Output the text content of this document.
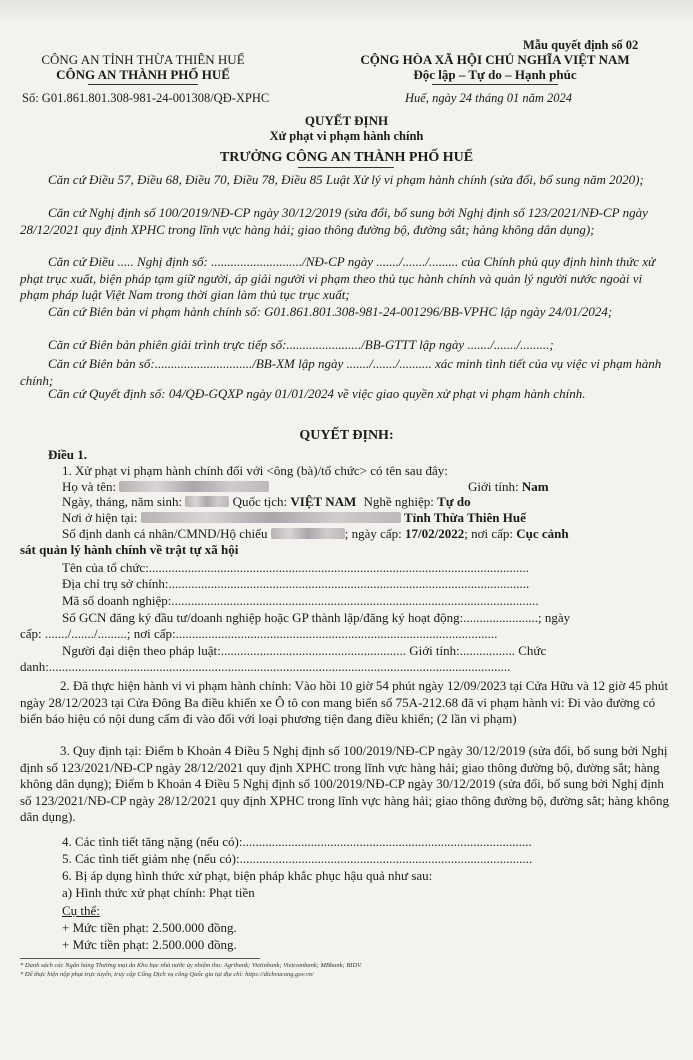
Mẫu quyết định số 02
CÔNG AN TỈNH THỪA THIÊN HUẾ
CÔNG AN THÀNH PHỐ HUẾ
Số: G01.861.801.308-981-24-001308/QĐ-XPHC
CỘNG HÒA XÃ HỘI CHỦ NGHĨA VIỆT NAM
Độc lập – Tự do – Hạnh phúc
Huế, ngày 24 tháng 01 năm 2024
QUYẾT ĐỊNH
Xử phạt vi phạm hành chính
TRƯỞNG CÔNG AN THÀNH PHỐ HUẾ
Căn cứ Điều 57, Điều 68, Điều 70, Điều 78, Điều 85 Luật Xử lý vi phạm hành chính (sửa đổi, bổ sung năm 2020);
Căn cứ Nghị định số 100/2019/NĐ-CP ngày 30/12/2019 (sửa đổi, bổ sung bởi Nghị định số 123/2021/NĐ-CP ngày 28/12/2021 quy định XPHC trong lĩnh vực hàng hải; giao thông đường bộ, đường sắt; hàng không dân dụng);
Căn cứ Điều ..... Nghị định số: ............................/NĐ-CP ngày ......./......./......... của Chính phủ quy định hình thức xử phạt trục xuất, biện pháp tạm giữ người, áp giải người vi phạm theo thủ tục hành chính và quản lý người nước ngoài vi phạm pháp luật Việt Nam trong thời gian làm thủ tục trục xuất;
Căn cứ Biên bản vi phạm hành chính số: G01.861.801.308-981-24-001296/BB-VPHC lập ngày 24/01/2024;
Căn cứ Biên bản phiên giải trình trực tiếp số:......................./BB-GTTT lập ngày ......./......./.........;
Căn cứ Biên bản số:............................../BB-XM lập ngày ......./......./.......... xác minh tình tiết của vụ việc vi phạm hành chính;
Căn cứ Quyết định số: 04/QĐ-GQXP ngày 01/01/2024 về việc giao quyền xử phạt vi phạm hành chính.
QUYẾT ĐỊNH:
Điều 1.
1. Xử phạt vi phạm hành chính đối với <ông (bà)/tổ chức> có tên sau đây:
Họ và tên:	Giới tính: Nam
Ngày, tháng, năm sinh:	Quốc tịch: VIỆT NAM Nghề nghiệp: Tự do
Nơi ở hiện tại:	Tỉnh Thừa Thiên Huế
Số định danh cá nhân/CMND/Hộ chiếu	; ngày cấp: 17/02/2022; nơi cấp: Cục cảnh
sát quản lý hành chính về trật tự xã hội
Tên của tổ chức:.....................................................................................................................
Địa chỉ trụ sở chính:...............................................................................................................
Mã số doanh nghiệp:.................................................................................................................
Số GCN đăng ký đầu tư/doanh nghiệp hoặc GP thành lập/đăng ký hoạt động:.......................; ngày
cấp: ......./......./.........; nơi cấp:...................................................................................................
Người đại diện theo pháp luật:......................................................... Giới tính:................. Chức
danh:..............................................................................................................................................
2. Đã thực hiện hành vi vi phạm hành chính: Vào hồi 10 giờ 54 phút ngày 12/09/2023 tại Cửa Hữu và 12 giờ 45 phút ngày 28/12/2023 tại Cửa Đông Ba điều khiển xe Ô tô con mang biển số 75A-212.68 đã vi phạm hành vi: Đi vào đường có biển báo hiệu có nội dung cấm đi vào đối với loại phương tiện đang điều khiển; (2 lần vi phạm)
3. Quy định tại: Điểm b Khoản 4 Điều 5 Nghị định số 100/2019/NĐ-CP ngày 30/12/2019 (sửa đổi, bổ sung bởi Nghị định số 123/2021/NĐ-CP ngày 28/12/2021 quy định XPHC trong lĩnh vực hàng hải; giao thông đường bộ, đường sắt; hàng không dân dụng); Điểm b Khoản 4 Điều 5 Nghị định số 100/2019/NĐ-CP ngày 30/12/2019 (sửa đổi, bổ sung bởi Nghị định số 123/2021/NĐ-CP ngày 28/12/2021 quy định XPHC trong lĩnh vực hàng hải; giao thông đường bộ, đường sắt; hàng không dân dụng).
4. Các tình tiết tăng nặng (nếu có):.........................................................................................
5. Các tình tiết giảm nhẹ (nếu có):..........................................................................................
6. Bị áp dụng hình thức xử phạt, biện pháp khắc phục hậu quả như sau:
a) Hình thức xử phạt chính: Phạt tiền
Cụ thể:
+ Mức tiền phạt: 2.500.000 đồng.
+ Mức tiền phạt: 2.500.000 đồng.
* Danh sách các Ngân hàng Thương mại do Kho bạc nhà nước ủy nhiệm thu: Agribank; Vietinbank; Vietcombank; MBbank; BIDV.
* Để thực hiện nộp phạt trực tuyến, truy cập Cổng Dịch vụ công Quốc gia tại địa chỉ: https://dichvucong.gov.vn/
